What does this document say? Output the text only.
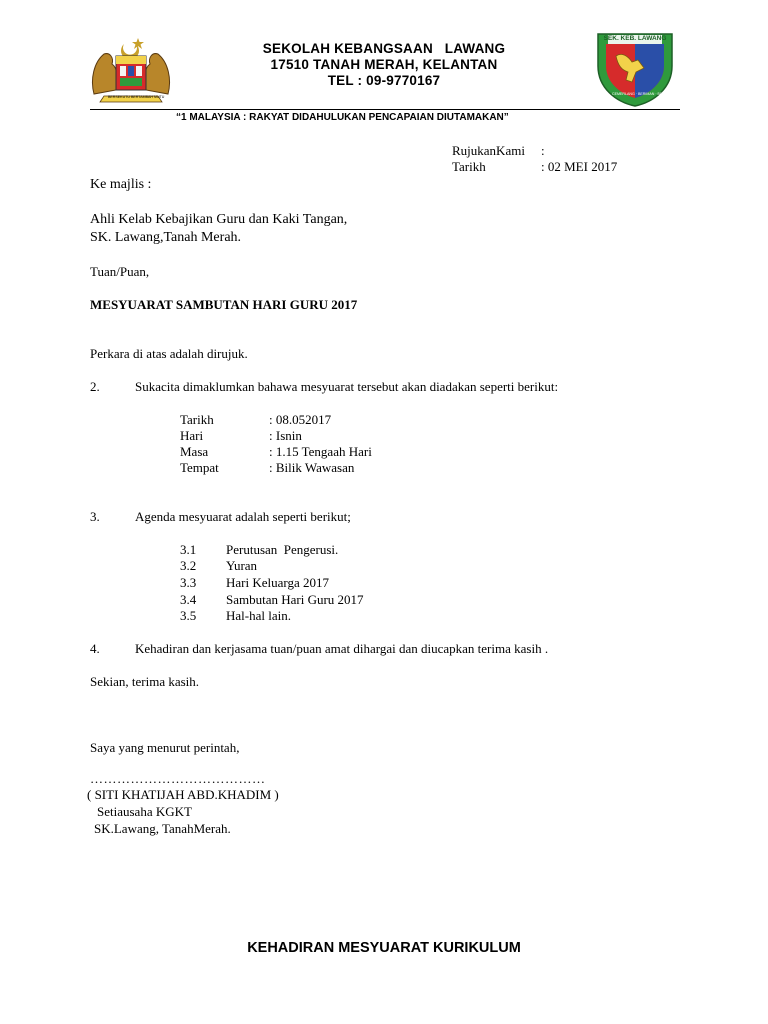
BERSEKUTU BERTAMBAH MUTU
SEK. KEB. LAWANG
CEMERLANG · BERIMAN · BERILMU
SEKOLAH KEBANGSAAN   LAWANG
17510 TANAH MERAH, KELANTAN
TEL : 09-9770167
“1 MALAYSIA : RAKYAT DIDAHULUKAN PENCAPAIAN DIUTAMAKAN”
RujukanKami :
Tarikh	: 02 MEI 2017
Ke majlis :
Ahli Kelab Kebajikan Guru dan Kaki Tangan,
SK. Lawang,Tanah Merah.
Tuan/Puan,
MESYUARAT SAMBUTAN HARI GURU 2017
Perkara di atas adalah dirujuk.
2.	Sukacita dimaklumkan bahawa mesyuarat tersebut akan diadakan seperti berikut:
Tarikh	: 08.052017
Hari	: Isnin
Masa	: 1.15 Tengaah Hari
Tempat	: Bilik Wawasan
3.	Agenda mesyuarat adalah seperti berikut;
3.1 Perutusan  Pengerusi.
3.2 Yuran
3.3 Hari Keluarga 2017
3.4 Sambutan Hari Guru 2017
3.5 Hal-hal lain.
4.	Kehadiran dan kerjasama tuan/puan amat dihargai dan diucapkan terima kasih .
Sekian, terima kasih.
Saya yang menurut perintah,
…………………………………
( SITI KHATIJAH ABD.KHADIM )
Setiausaha KGKT
SK.Lawang, TanahMerah.
KEHADIRAN MESYUARAT KURIKULUM
